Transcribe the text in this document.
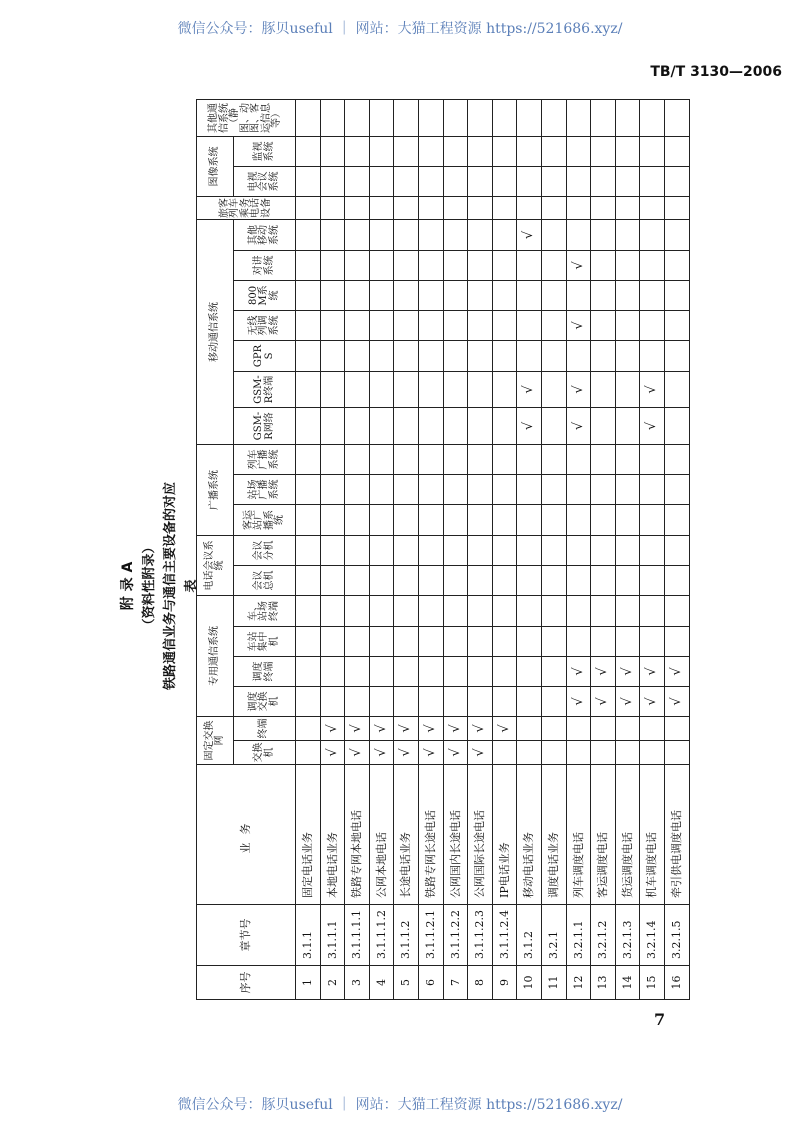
微信公众号：豚贝useful ｜ 网站：大猫工程资源 https://521686.xyz/
TB/T 3130—2006
附 录 A （资料性附录） 铁路通信业务与通信主要设备的对应表
序号	章节号	业务	固定交换网		专用通信系统				电话会议系统		广播系统			移动通信系统							旅客列车乘务电话设备	图像系统		其他通信系统（静图、动图、客运信息等）
			交换机	终端	调度交换机	调度终端	车站集中机	车、站场终端	会议总机	会议分机	客运站广播系统	站场广播系统	列车广播系统	GSM-R网络	GSM-R终端	GPRS	无线列调系统	800M系统	对讲系统	其他移动系统		电视会议系统	监视系统	
1	3.1.1	固定电话业务																						
2	3.1.1.1	本地电话业务	√	√																				
3	3.1.1.1.1	铁路专网本地电话	√	√																				
4	3.1.1.1.2	公网本地电话	√	√																				
5	3.1.1.2	长途电话业务	√	√																				
6	3.1.1.2.1	铁路专网长途电话	√	√																				
7	3.1.1.2.2	公网国内长途电话	√	√																				
8	3.1.1.2.3	公网国际长途电话	√	√																				
9	3.1.1.2.4	IP电话业务		√																				
10	3.1.2	移动电话业务												√	√					√				
11	3.2.1	调度电话业务																						
12	3.2.1.1	列车调度电话			√	√								√	√		√		√					
13	3.2.1.2	客运调度电话			√	√																		
14	3.2.1.3	货运调度电话			√	√																		
15	3.2.1.4	机车调度电话			√	√								√	√									
16	3.2.1.5	牵引供电调度电话			√	√																		
7
微信公众号：豚贝useful ｜ 网站：大猫工程资源 https://521686.xyz/
